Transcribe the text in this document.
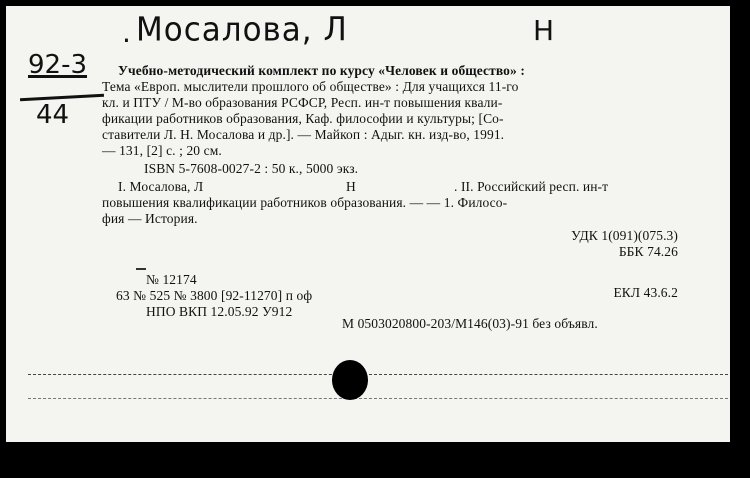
. Мосалова, Л	Н
92-3
44
Учебно-методический комплект по курсу «Человек и общество» :
Тема «Европ. мыслители прошлого об обществе» : Для учащихся 11-го
кл. и ПТУ / М-во образования РСФСР, Респ. ин-т повышения квали-
фикации работников образования, Каф. философии и культуры; [Со-
ставители Л. Н. Мосалова и др.]. — Майкоп : Адыг. кн. изд-во, 1991.
— 131, [2] с. ; 20 см.
ISBN 5-7608-0027-2 : 50 к., 5000 экз.
I. Мосалова, Л	Н	. II. Российский респ. ин-т
повышения квалификации работников образования. — — 1. Филосо-
фия — История.
УДК 1(091)(075.3)
ББК 74.26
№ 12174
63 № 525 № 3800 [92-11270] п оф	ЕКЛ 43.6.2
НПО ВКП 12.05.92 У912
М 0503020800-203/М146(03)-91 без объявл.
